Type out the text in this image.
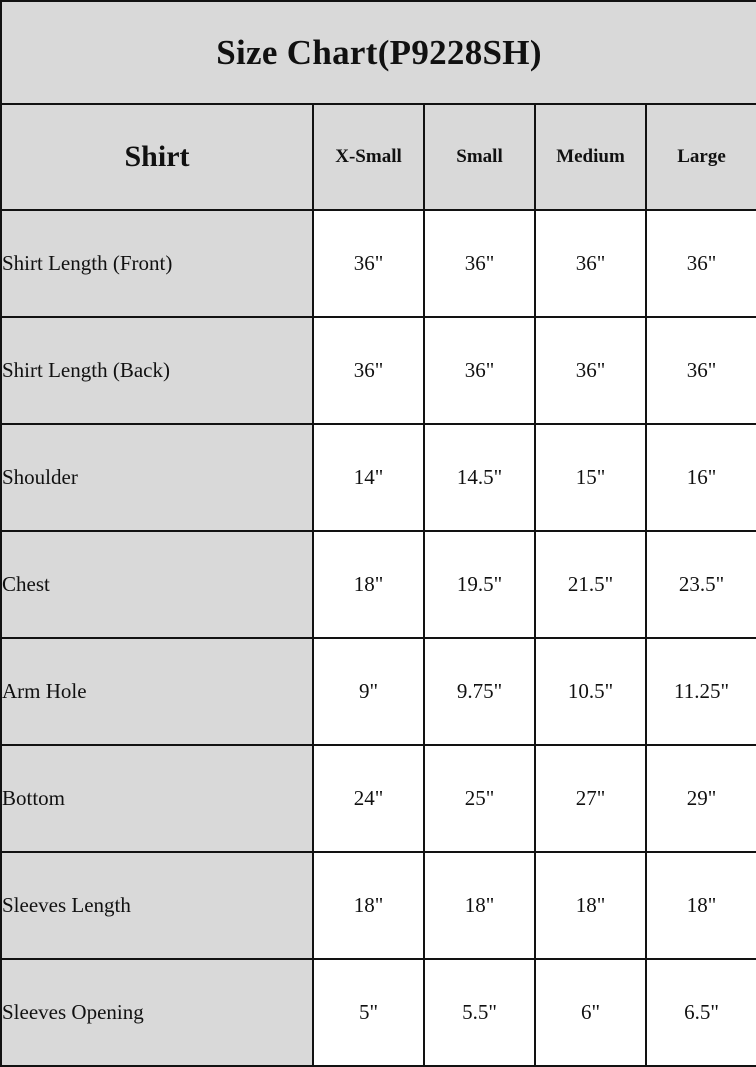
Size Chart(P9228SH)				
Shirt	X-Small	Small	Medium	Large
Shirt Length (Front)	36"	36"	36"	36"
Shirt Length (Back)	36"	36"	36"	36"
Shoulder	14"	14.5"	15"	16"
Chest	18"	19.5"	21.5"	23.5"
Arm Hole	9"	9.75"	10.5"	11.25"
Bottom	24"	25"	27"	29"
Sleeves Length	18"	18"	18"	18"
Sleeves Opening	5"	5.5"	6"	6.5"
